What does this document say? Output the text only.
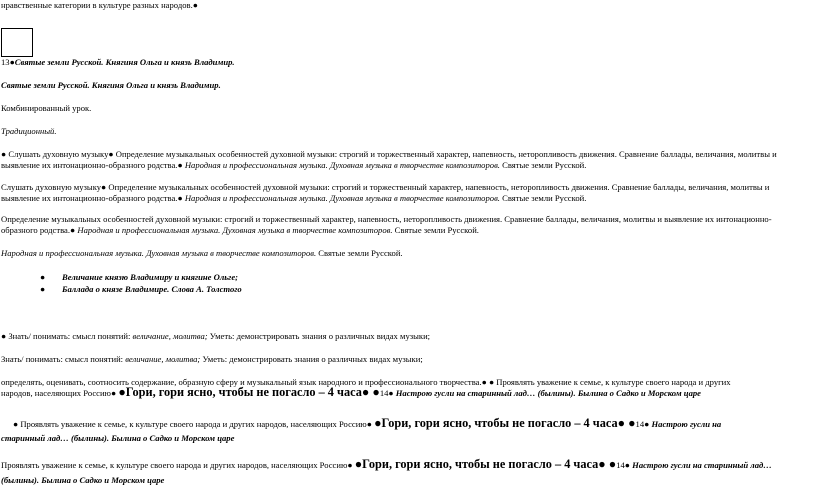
нравственные категории в культуре разных народов.●
13●Святые земли Русской. Княгиня Ольга и князь Владимир.
Святые земли Русской. Княгиня Ольга и князь Владимир.
Комбинированный урок.
Традиционный.
● Слушать духовную музыку● Определение музыкальных особенностей духовной музыки: строгий и торжественный характер, напевность, неторопливость движения. Сравнение баллады, величания, молитвы и
выявление их интонационно-образного родства.● Народная и профессиональная музыка. Духовная музыка в творчестве композиторов. Святые земли Русской.
Слушать духовную музыку● Определение музыкальных особенностей духовной музыки: строгий и торжественный характер, напевность, неторопливость движения. Сравнение баллады, величания, молитвы и
выявление их интонационно-образного родства.● Народная и профессиональная музыка. Духовная музыка в творчестве композиторов. Святые земли Русской.
Определение музыкальных особенностей духовной музыки: строгий и торжественный характер, напевность, неторопливость движения. Сравнение баллады, величания, молитвы и выявление их интонационно-
образного родства.● Народная и профессиональная музыка. Духовная музыка в творчестве композиторов. Святые земли Русской.
Народная и профессиональная музыка. Духовная музыка в творчестве композиторов. Святые земли Русской.
● Величание князю Владимиру и княгине Ольге;
● Баллада о князе Владимире. Слова А. Толстого
● Знать/ понимать: смысл понятий: величание, молитва; Уметь: демонстрировать знания о различных видах музыки;
Знать/ понимать: смысл понятий: величание, молитва; Уметь: демонстрировать знания о различных видах музыки;
определять, оценивать, соотносить содержание, образную сферу и музыкальный язык народного и профессионального творчества.● ● Проявлять уважение к семье, к культуре своего народа и других
народов, населяющих Россию● ●Гори, гори ясно, чтобы не погасло – 4 часа● ●14● Настрою гусли на старинный лад… (былины). Былина о Садко и Морском царе
● Проявлять уважение к семье, к культуре своего народа и других народов, населяющих Россию● ●Гори, гори ясно, чтобы не погасло – 4 часа● ●14● Настрою гусли на
старинный лад… (былины). Былина о Садко и Морском царе
Проявлять уважение к семье, к культуре своего народа и других народов, населяющих Россию● ●Гори, гори ясно, чтобы не погасло – 4 часа● ●14● Настрою гусли на старинный лад…
(былины). Былина о Садко и Морском царе
